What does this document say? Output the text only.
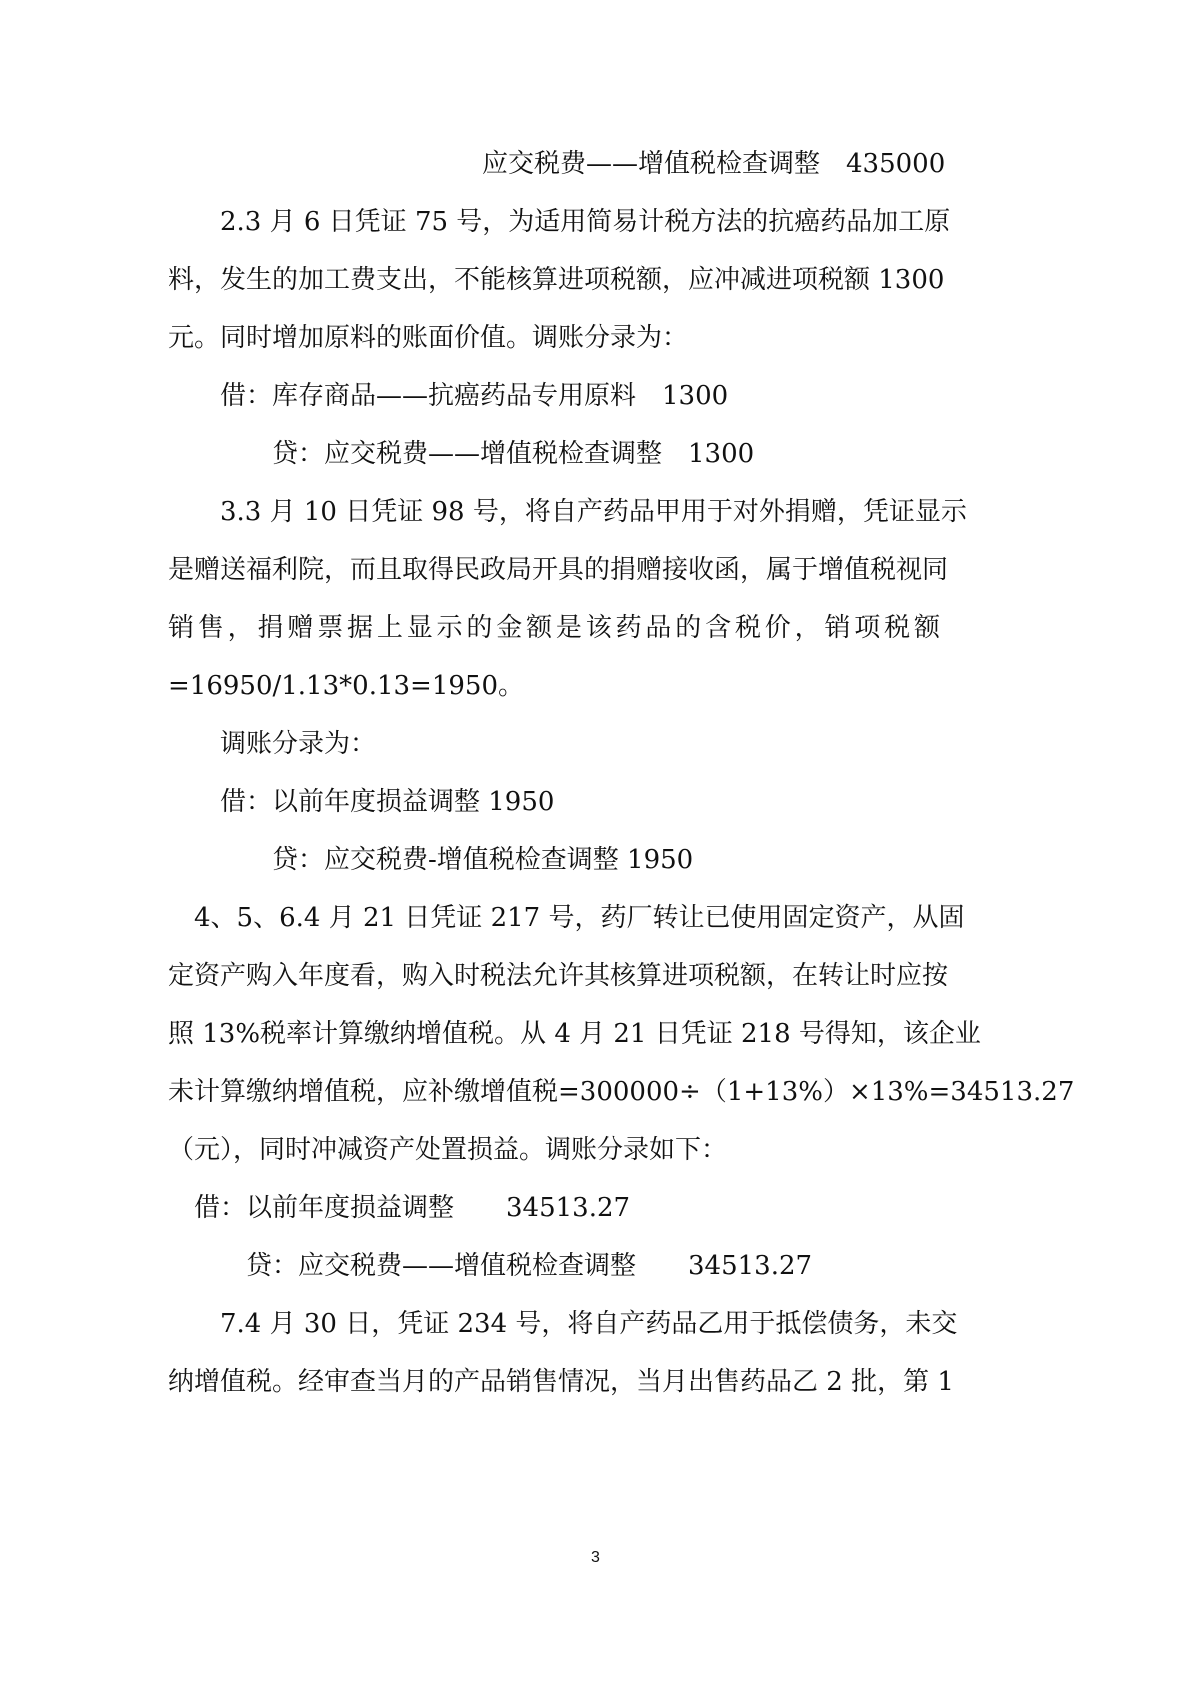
应交税费——增值税检查调整　435000
2.3 月 6 日凭证 75 号，为适用简易计税方法的抗癌药品加工原
料，发生的加工费支出，不能核算进项税额，应冲减进项税额 1300
元。同时增加原料的账面价值。调账分录为：
借：库存商品——抗癌药品专用原料　1300
贷：应交税费——增值税检查调整　1300
3.3 月 10 日凭证 98 号，将自产药品甲用于对外捐赠，凭证显示
是赠送福利院，而且取得民政局开具的捐赠接收函，属于增值税视同
销售，捐赠票据上显示的金额是该药品的含税价，销项税额
=16950/1.13*0.13=1950。
调账分录为：
借：以前年度损益调整 1950
贷：应交税费-增值税检查调整 1950
4、5、6.4 月 21 日凭证 217 号，药厂转让已使用固定资产，从固
定资产购入年度看，购入时税法允许其核算进项税额，在转让时应按
照 13%税率计算缴纳增值税。从 4 月 21 日凭证 218 号得知，该企业
未计算缴纳增值税，应补缴增值税=300000÷（1+13%）×13%=34513.27
（元），同时冲减资产处置损益。调账分录如下：
借：以前年度损益调整　　34513.27
贷：应交税费——增值税检查调整　　34513.27
7.4 月 30 日，凭证 234 号，将自产药品乙用于抵偿债务，未交
纳增值税。经审查当月的产品销售情况，当月出售药品乙 2 批，第 1
3
